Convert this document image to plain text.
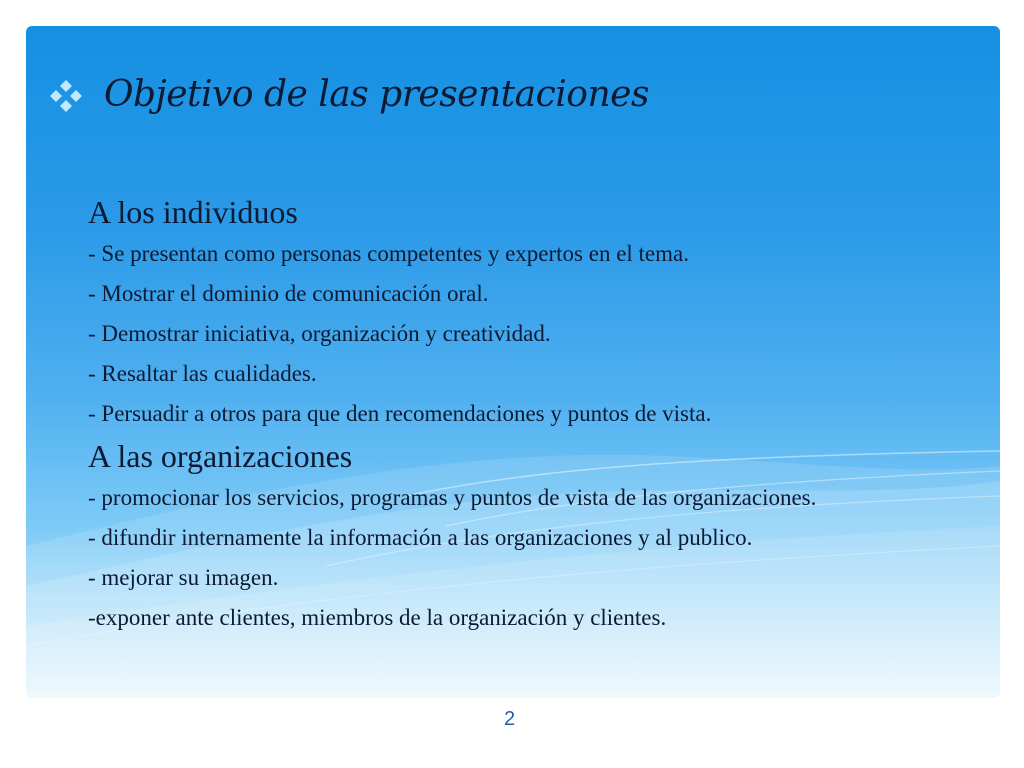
Objetivo de las presentaciones
A los individuos
- Se presentan como personas competentes y expertos en el tema.
- Mostrar el dominio de comunicación oral.
- Demostrar iniciativa, organización y creatividad.
- Resaltar las cualidades.
- Persuadir a otros para que den recomendaciones y puntos de vista.
A las organizaciones
- promocionar los servicios, programas y puntos de vista de las organizaciones.
- difundir internamente la información a las organizaciones y al publico.
- mejorar su imagen.
-exponer ante clientes, miembros de la organización y clientes.
2
